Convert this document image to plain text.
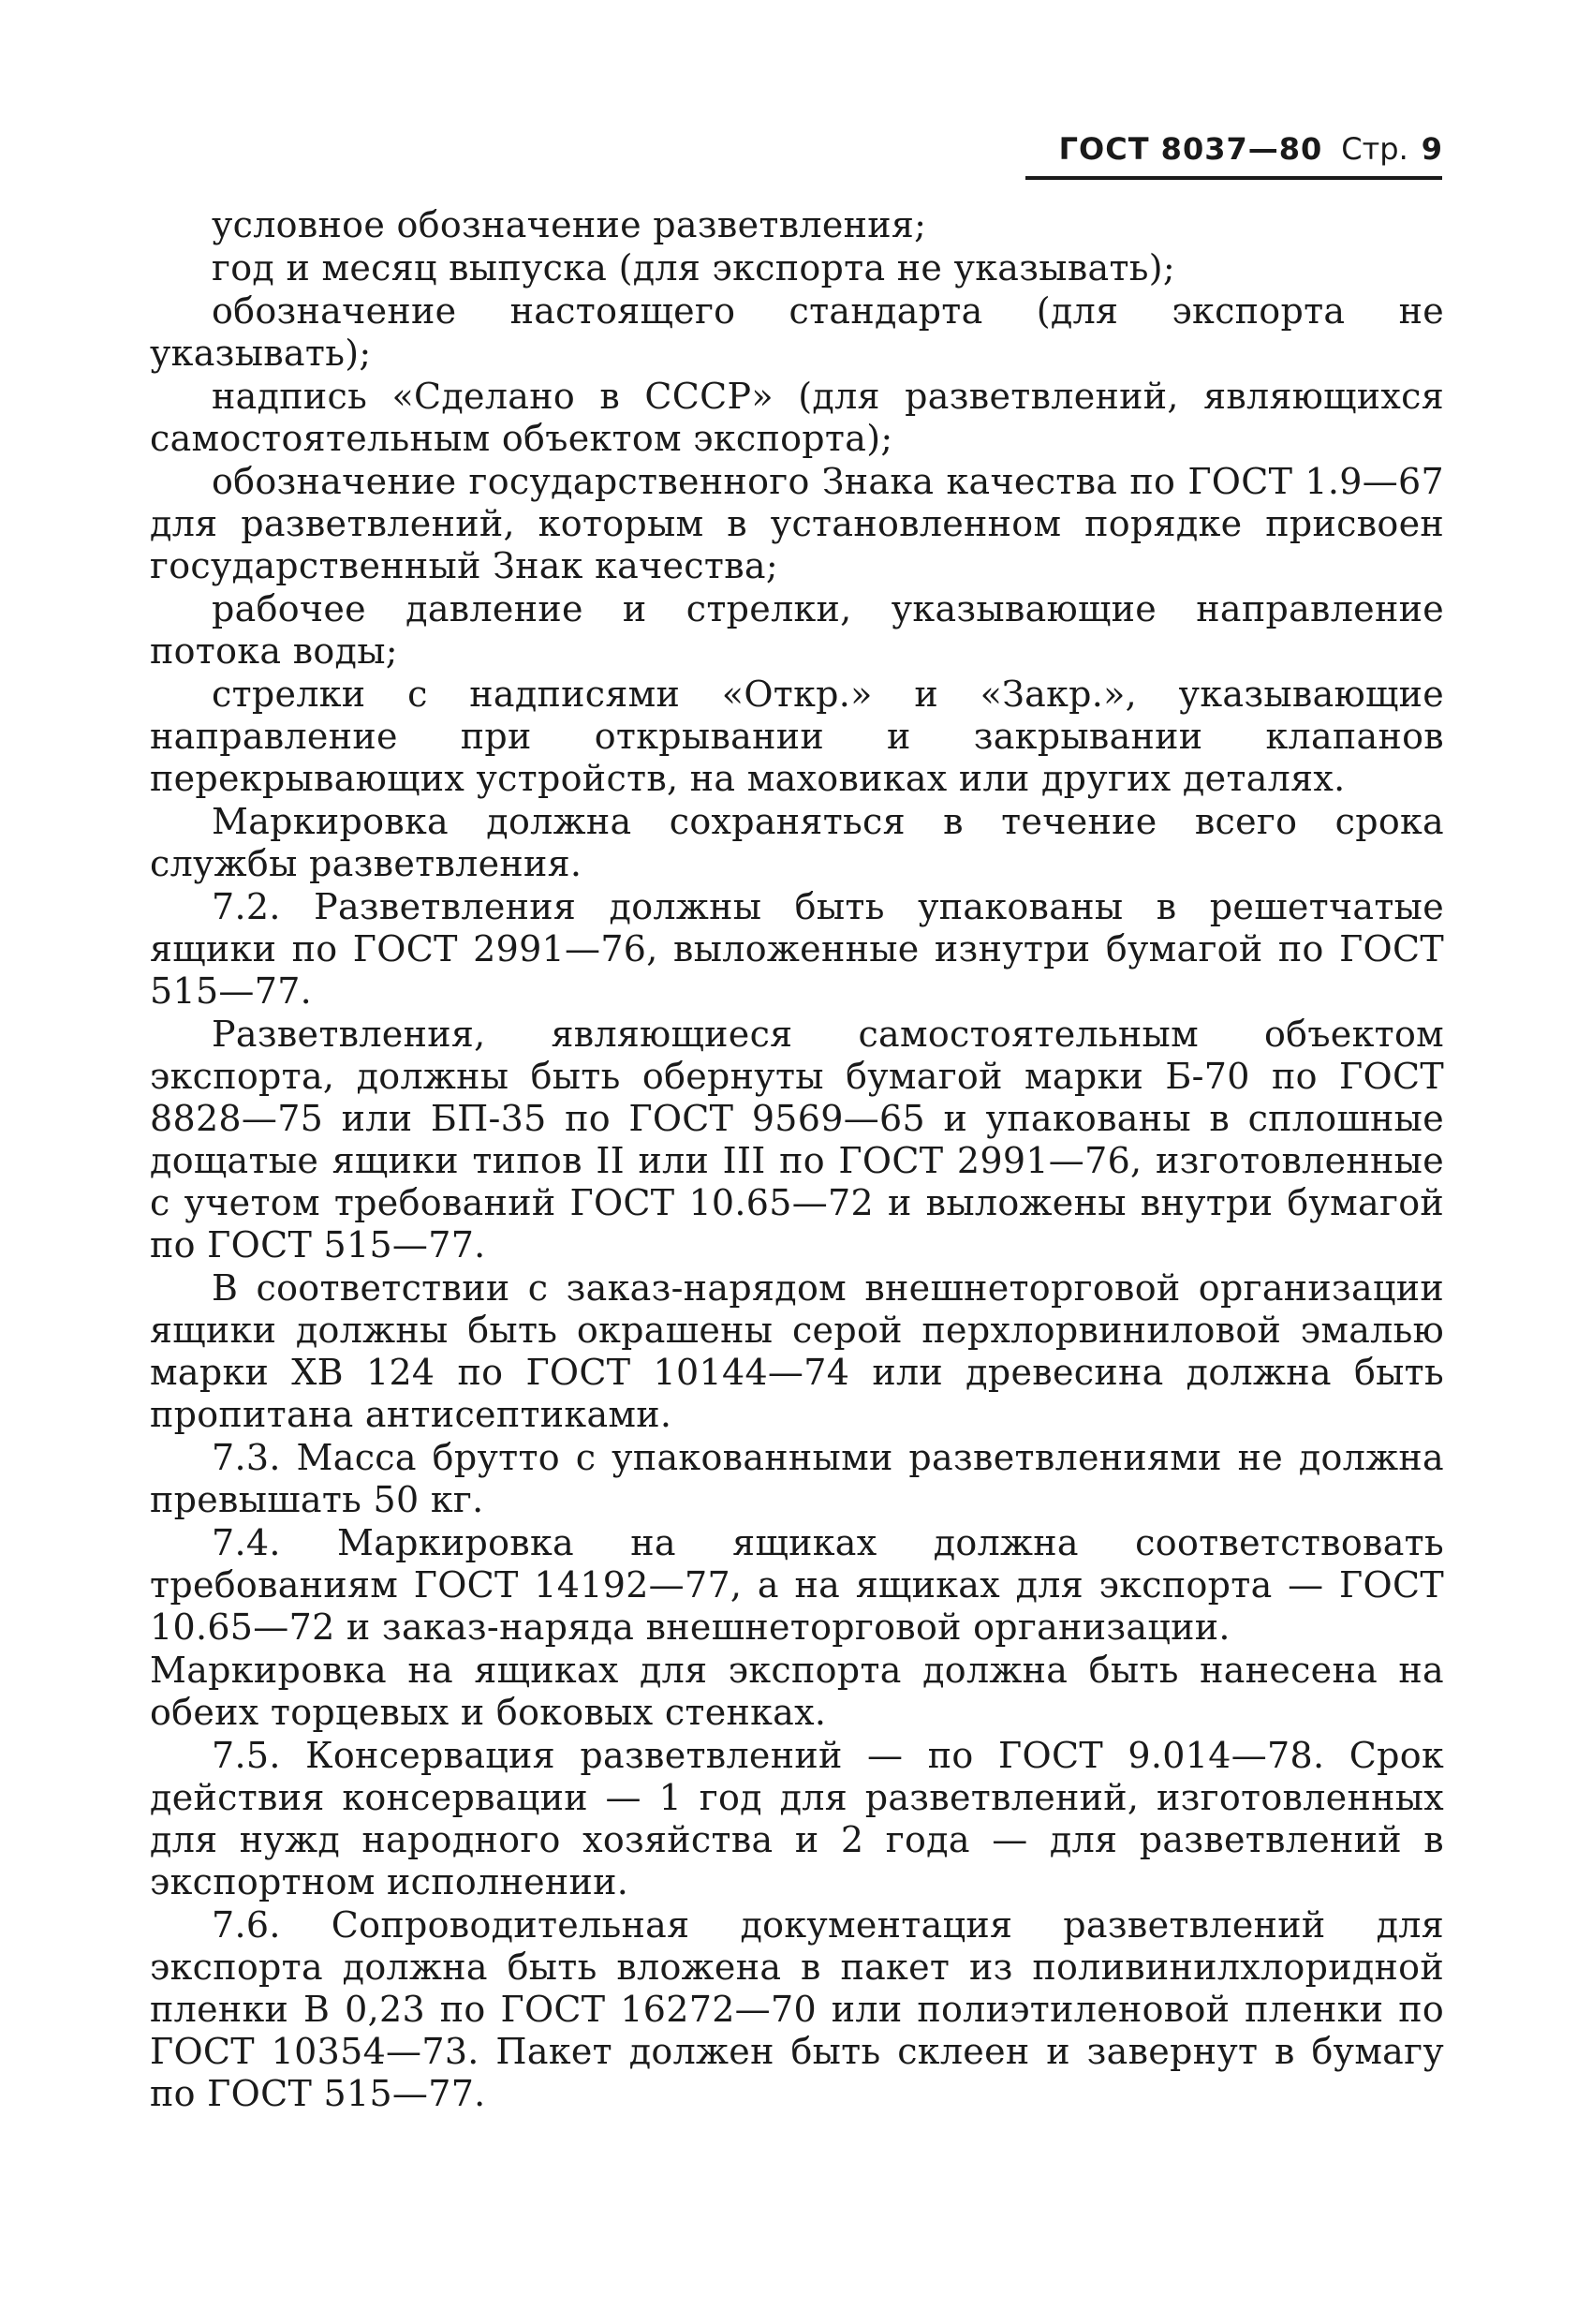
ГОСТ 8037—80 Стр. 9

условное обозначение разветвления;

год и месяц выпуска (для экспорта не указывать);

обозначение настоящего стандарта (для экспорта не указывать);

надпись «Сделано в СССР» (для разветвлений, являющихся самостоятельным объектом экспорта);

обозначение государственного Знака качества по ГОСТ 1.9—67 для разветвлений, которым в установленном порядке присвоен государственный Знак качества;

рабочее давление и стрелки, указывающие направление потока воды;

стрелки с надписями «Откр.» и «Закр.», указывающие направление при открывании и закрывании клапанов перекрывающих устройств, на маховиках или других деталях.

Маркировка должна сохраняться в течение всего срока службы разветвления.

7.2. Разветвления должны быть упакованы в решетчатые ящики по ГОСТ 2991—76, выложенные изнутри бумагой по ГОСТ 515—77.

Разветвления, являющиеся самостоятельным объектом экспорта, должны быть обернуты бумагой марки Б-70 по ГОСТ 8828—75 или БП-35 по ГОСТ 9569—65 и упакованы в сплошные дощатые ящики типов II или III по ГОСТ 2991—76, изготовленные с учетом требований ГОСТ 10.65—72 и выложены внутри бумагой по ГОСТ 515—77.

В соответствии с заказ-нарядом внешнеторговой организации ящики должны быть окрашены серой перхлорвиниловой эмалью марки ХВ 124 по ГОСТ 10144—74 или древесина должна быть пропитана антисептиками.

7.3. Масса брутто с упакованными разветвлениями не должна превышать 50 кг.

7.4. Маркировка на ящиках должна соответствовать требованиям ГОСТ 14192—77, а на ящиках для экспорта — ГОСТ 10.65—72 и заказ-наряда внешнеторговой организации.

Маркировка на ящиках для экспорта должна быть нанесена на обеих торцевых и боковых стенках.

7.5. Консервация разветвлений — по ГОСТ 9.014—78. Срок действия консервации — 1 год для разветвлений, изготовленных для нужд народного хозяйства и 2 года — для разветвлений в экспортном исполнении.

7.6. Сопроводительная документация разветвлений для экспорта должна быть вложена в пакет из поливинилхлоридной пленки В 0,23 по ГОСТ 16272—70 или полиэтиленовой пленки по ГОСТ 10354—73. Пакет должен быть склеен и завернут в бумагу по ГОСТ 515—77.
